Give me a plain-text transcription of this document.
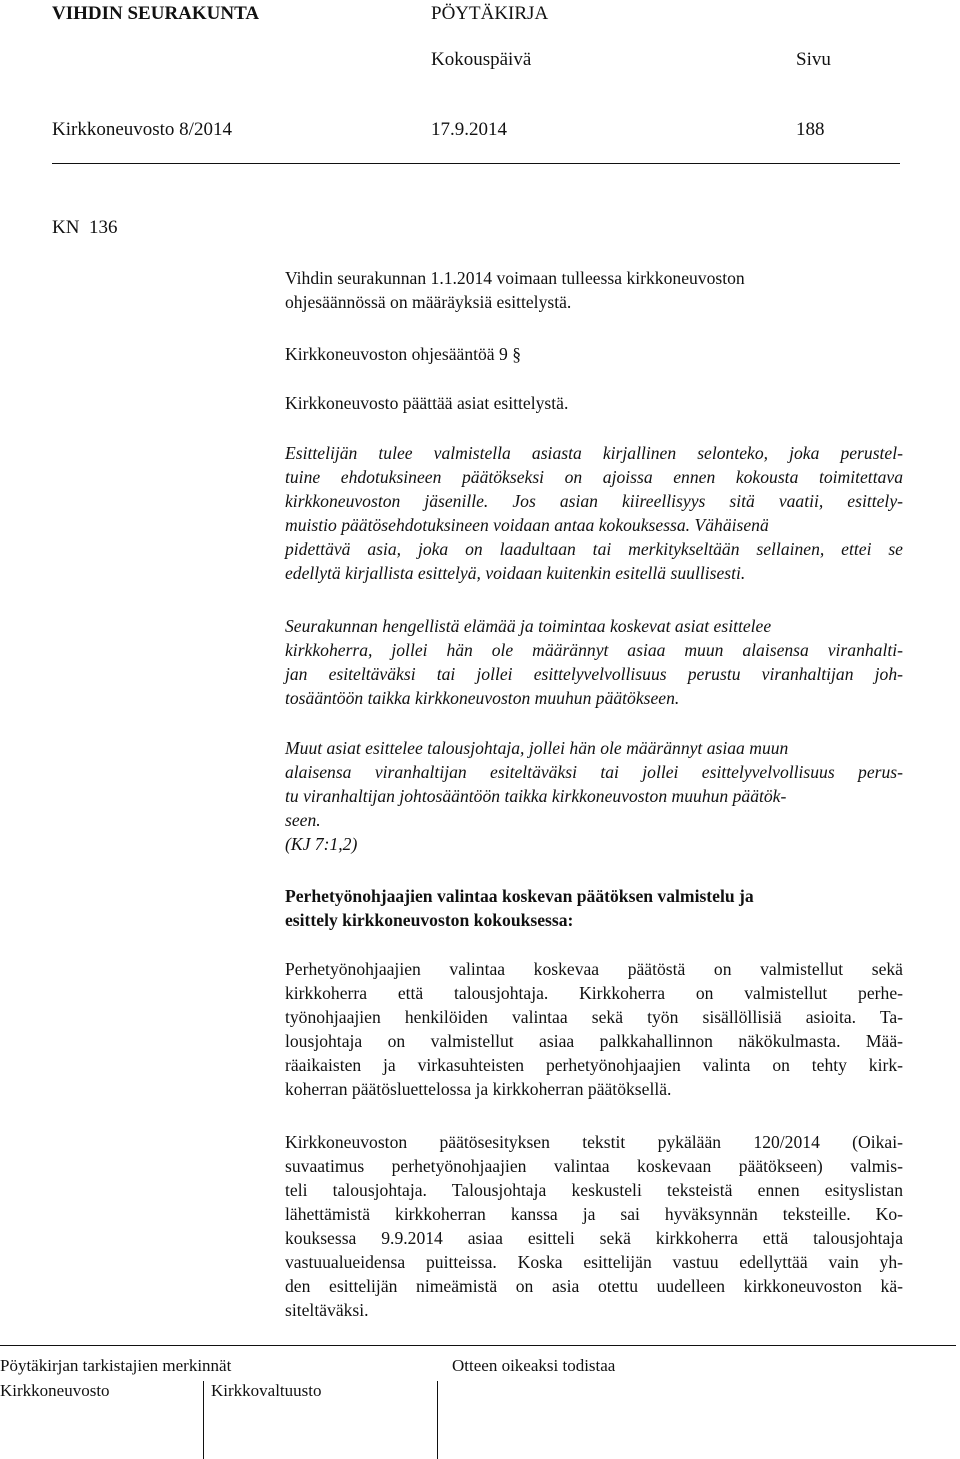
VIHDIN SEURAKUNTA	PÖYTÄKIRJA
Kokouspäivä	Sivu
Kirkkoneuvosto 8/2014	17.9.2014	188
KN  136
Vihdin seurakunnan 1.1.2014 voimaan tulleessa kirkkoneuvoston
ohjesäännössä on määräyksiä esittelystä.
Kirkkoneuvoston ohjesääntöä 9 §
Kirkkoneuvosto päättää asiat esittelystä.
Esittelijän tulee valmistella asiasta kirjallinen selonteko, joka perustel-
tuine ehdotuksineen päätökseksi on ajoissa ennen kokousta toimitettava
kirkkoneuvoston jäsenille. Jos asian kiireellisyys sitä vaatii, esittely-
muistio päätösehdotuksineen voidaan antaa kokouksessa. Vähäisenä
pidettävä asia, joka on laadultaan tai merkitykseltään sellainen, ettei se
edellytä kirjallista esittelyä, voidaan kuitenkin esitellä suullisesti.
Seurakunnan hengellistä elämää ja toimintaa koskevat asiat esittelee
kirkkoherra, jollei hän ole määrännyt asiaa muun alaisensa viranhalti-
jan esiteltäväksi tai jollei esittelyvelvollisuus perustu viranhaltijan joh-
tosääntöön taikka kirkkoneuvoston muuhun päätökseen.
Muut asiat esittelee talousjohtaja, jollei hän ole määrännyt asiaa muun
alaisensa viranhaltijan esiteltäväksi tai jollei esittelyvelvollisuus perus-
tu viranhaltijan johtosääntöön taikka kirkkoneuvoston muuhun päätök-
seen.
(KJ 7:1,2)
Perhetyönohjaajien valintaa koskevan päätöksen valmistelu ja
esittely kirkkoneuvoston kokouksessa:
Perhetyönohjaajien valintaa koskevaa päätöstä on valmistellut sekä
kirkkoherra että talousjohtaja. Kirkkoherra on valmistellut perhe-
työnohjaajien henkilöiden valintaa sekä työn sisällöllisiä asioita. Ta-
lousjohtaja on valmistellut asiaa palkkahallinnon näkökulmasta. Mää-
räaikaisten ja virkasuhteisten perhetyönohjaajien valinta on tehty kirk-
koherran päätösluettelossa ja kirkkoherran päätöksellä.
Kirkkoneuvoston päätösesityksen tekstit pykälään 120/2014 (Oikai-
suvaatimus perhetyönohjaajien valintaa koskevaan päätökseen) valmis-
teli talousjohtaja. Talousjohtaja keskusteli teksteistä ennen esityslistan
lähettämistä kirkkoherran kanssa ja sai hyväksynnän teksteille. Ko-
kouksessa 9.9.2014 asiaa esitteli sekä kirkkoherra että talousjohtaja
vastuualueidensa puitteissa. Koska esittelijän vastuu edellyttää vain yh-
den esittelijän nimeämistä on asia otettu uudelleen kirkkoneuvoston kä-
siteltäväksi.
Pöytäkirjan tarkistajien merkinnät	Otteen oikeaksi todistaa
Kirkkoneuvosto	Kirkkovaltuusto
